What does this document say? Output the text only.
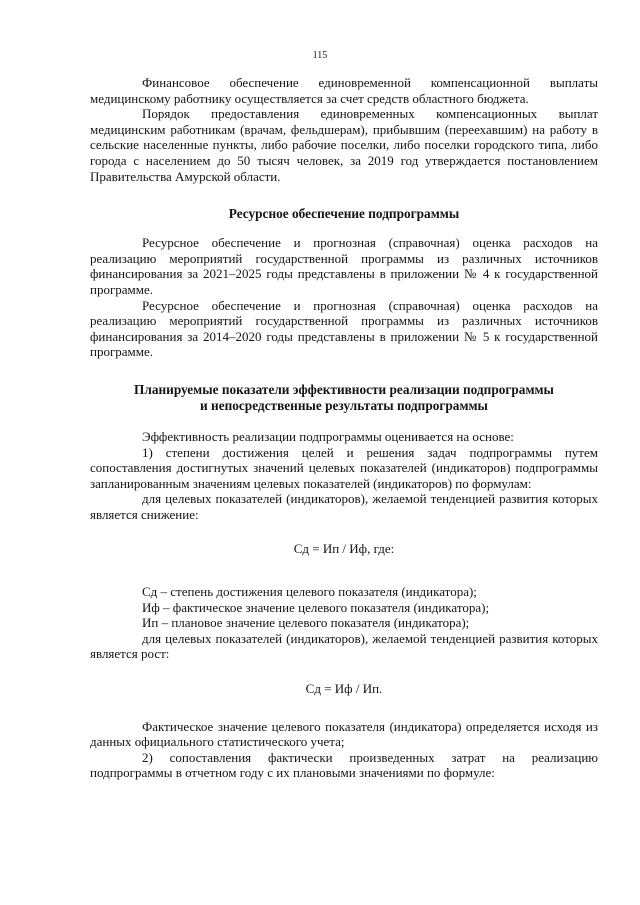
115

Финансовое обеспечение единовременной компенсационной выплаты медицинскому работнику осуществляется за счет средств областного бюджета.

Порядок предоставления единовременных компенсационных выплат медицинским работникам (врачам, фельдшерам), прибывшим (переехавшим) на работу в сельские населенные пункты, либо рабочие поселки, либо поселки городского типа, либо города с населением до 50 тысяч человек, за 2019 год утверждается постановлением Правительства Амурской области.

Ресурсное обеспечение подпрограммы

Ресурсное обеспечение и прогнозная (справочная) оценка расходов на реализацию мероприятий государственной программы из различных источников финансирования за 2021–2025 годы представлены в приложении № 4 к государственной программе.

Ресурсное обеспечение и прогнозная (справочная) оценка расходов на реализацию мероприятий государственной программы из различных источников финансирования за 2014–2020 годы представлены в приложении № 5 к государственной программе.

Планируемые показатели эффективности реализации подпрограммы
и непосредственные результаты подпрограммы

Эффективность реализации подпрограммы оценивается на основе:

1) степени достижения целей и решения задач подпрограммы путем сопоставления достигнутых значений целевых показателей (индикаторов) подпрограммы запланированным значениям целевых показателей (индикаторов) по формулам:

для целевых показателей (индикаторов), желаемой тенденцией развития которых является снижение:

Сд = Ип / Иф, где:

Сд – степень достижения целевого показателя (индикатора);

Иф – фактическое значение целевого показателя (индикатора);

Ип – плановое значение целевого показателя (индикатора);

для целевых показателей (индикаторов), желаемой тенденцией развития которых является рост:

Сд = Иф / Ип.

Фактическое значение целевого показателя (индикатора) определяется исходя из данных официального статистического учета;

2) сопоставления фактически произведенных затрат на реализацию подпрограммы в отчетном году с их плановыми значениями по формуле:
